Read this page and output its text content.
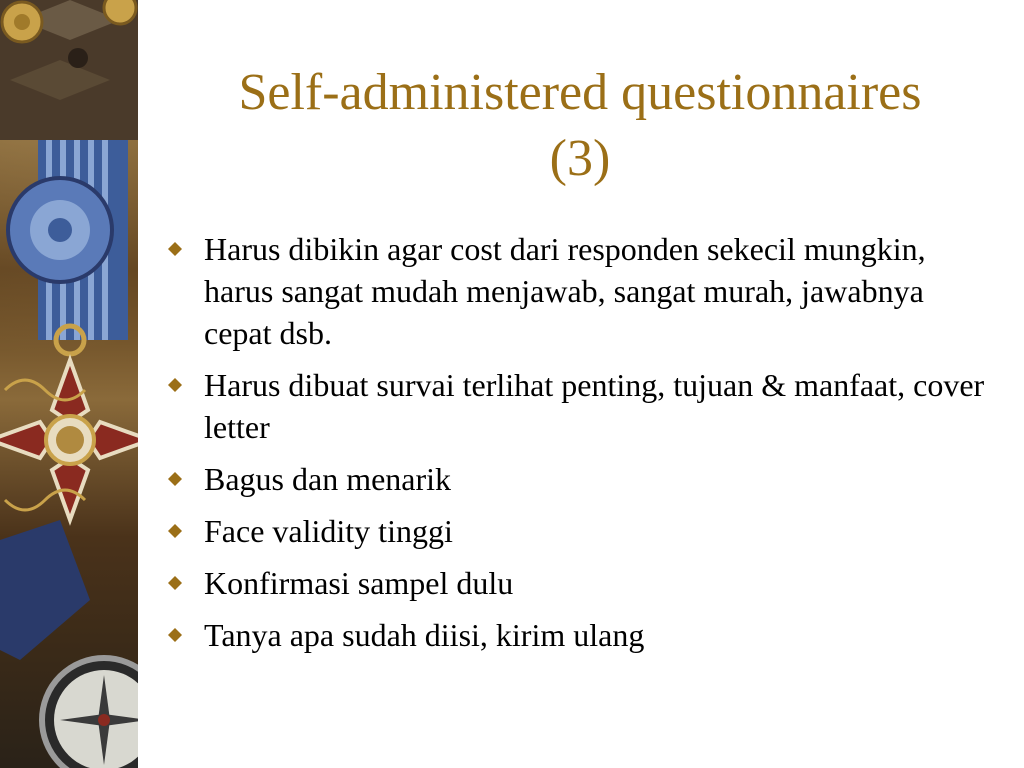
Self-administered questionnaires
(3)
Harus dibikin agar cost dari responden sekecil mungkin, harus sangat mudah menjawab, sangat murah, jawabnya cepat dsb.
Harus dibuat survai terlihat penting, tujuan & manfaat, cover letter
Bagus dan menarik
Face validity tinggi
Konfirmasi sampel dulu
Tanya apa sudah diisi, kirim ulang
